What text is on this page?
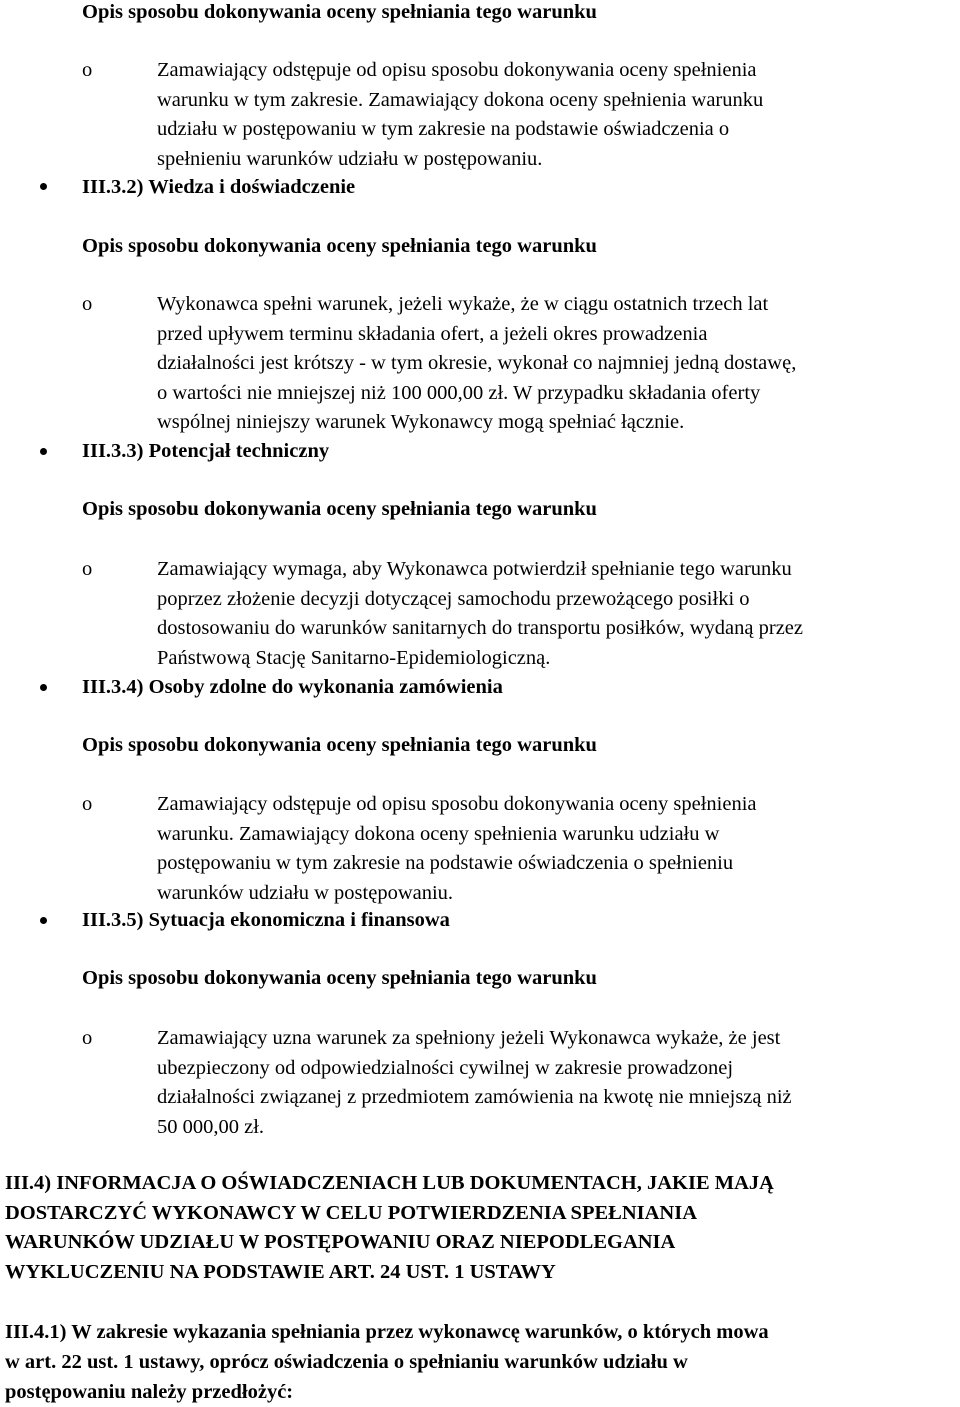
Opis sposobu dokonywania oceny spełniania tego warunku
o	Zamawiający odstępuje od opisu sposobu dokonywania oceny spełnienia
warunku w tym zakresie. Zamawiający dokona oceny spełnienia warunku
udziału w postępowaniu w tym zakresie na podstawie oświadczenia o
spełnieniu warunków udziału w postępowaniu.
III.3.2) Wiedza i doświadczenie
Opis sposobu dokonywania oceny spełniania tego warunku
o	Wykonawca spełni warunek, jeżeli wykaże, że w ciągu ostatnich trzech lat
przed upływem terminu składania ofert, a jeżeli okres prowadzenia
działalności jest krótszy - w tym okresie, wykonał co najmniej jedną dostawę,
o wartości nie mniejszej niż 100 000,00 zł. W przypadku składania oferty
wspólnej niniejszy warunek Wykonawcy mogą spełniać łącznie.
III.3.3) Potencjał techniczny
Opis sposobu dokonywania oceny spełniania tego warunku
o	Zamawiający wymaga, aby Wykonawca potwierdził spełnianie tego warunku
poprzez złożenie decyzji dotyczącej samochodu przewożącego posiłki o
dostosowaniu do warunków sanitarnych do transportu posiłków, wydaną przez
Państwową Stację Sanitarno-Epidemiologiczną.
III.3.4) Osoby zdolne do wykonania zamówienia
Opis sposobu dokonywania oceny spełniania tego warunku
o	Zamawiający odstępuje od opisu sposobu dokonywania oceny spełnienia
warunku. Zamawiający dokona oceny spełnienia warunku udziału w
postępowaniu w tym zakresie na podstawie oświadczenia o spełnieniu
warunków udziału w postępowaniu.
III.3.5) Sytuacja ekonomiczna i finansowa
Opis sposobu dokonywania oceny spełniania tego warunku
o	Zamawiający uzna warunek za spełniony jeżeli Wykonawca wykaże, że jest
ubezpieczony od odpowiedzialności cywilnej w zakresie prowadzonej
działalności związanej z przedmiotem zamówienia na kwotę nie mniejszą niż
50 000,00 zł.
III.4) INFORMACJA O OŚWIADCZENIACH LUB DOKUMENTACH, JAKIE MAJĄ
DOSTARCZYĆ WYKONAWCY W CELU POTWIERDZENIA SPEŁNIANIA
WARUNKÓW UDZIAŁU W POSTĘPOWANIU ORAZ NIEPODLEGANIA
WYKLUCZENIU NA PODSTAWIE ART. 24 UST. 1 USTAWY
III.4.1) W zakresie wykazania spełniania przez wykonawcę warunków, o których mowa
w art. 22 ust. 1 ustawy, oprócz oświadczenia o spełnianiu warunków udziału w
postępowaniu należy przedłożyć:
